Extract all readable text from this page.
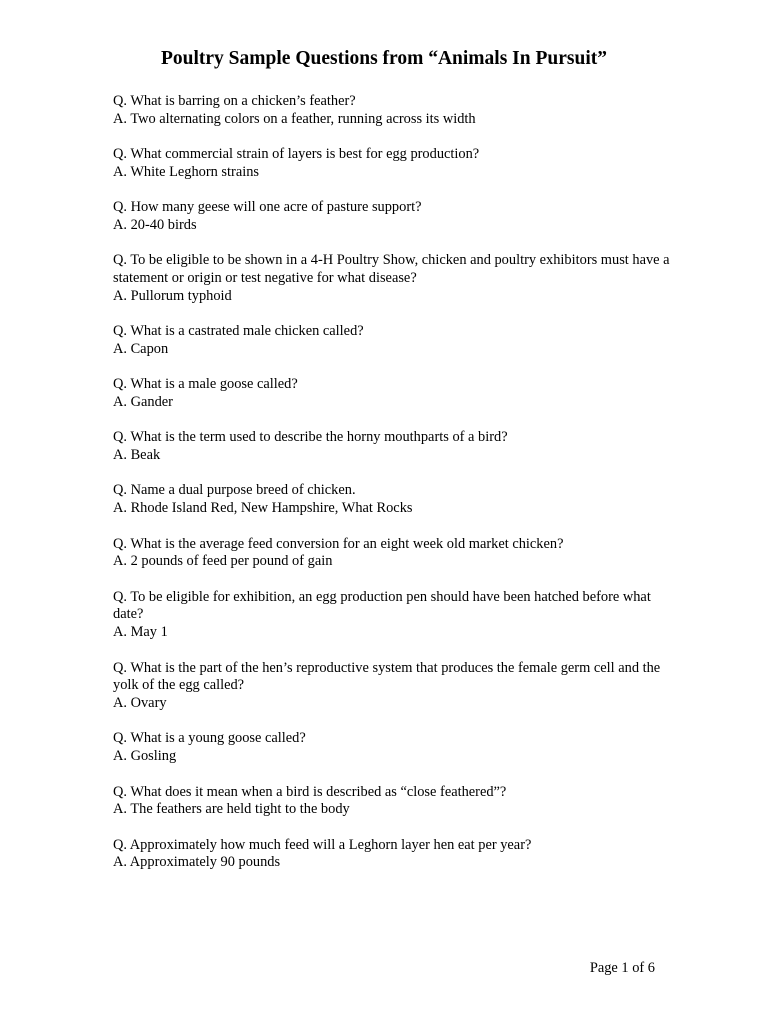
Poultry Sample Questions from “Animals In Pursuit”

Q. What is barring on a chicken’s feather?

A. Two alternating colors on a feather, running across its width

Q. What commercial strain of layers is best for egg production?

A. White Leghorn strains

Q. How many geese will one acre of pasture support?

A. 20-40 birds

Q. To be eligible to be shown in a 4-H Poultry Show, chicken and poultry exhibitors must have a statement or origin or test negative for what disease?

A. Pullorum typhoid

Q. What is a castrated male chicken called?

A. Capon

Q. What is a male goose called?

A. Gander

Q. What is the term used to describe the horny mouthparts of a bird?

A. Beak

Q. Name a dual purpose breed of chicken.

A. Rhode Island Red, New Hampshire, What Rocks

Q. What is the average feed conversion for an eight week old market chicken?

A. 2 pounds of feed per pound of gain

Q. To be eligible for exhibition, an egg production pen should have been hatched before what date?

A. May 1

Q. What is the part of the hen’s reproductive system that produces the female germ cell and the yolk of the egg called?

A. Ovary

Q. What is a young goose called?

A. Gosling

Q. What does it mean when a bird is described as “close feathered”?

A. The feathers are held tight to the body

Q. Approximately how much feed will a Leghorn layer hen eat per year?

A. Approximately 90 pounds

Page 1 of 6
